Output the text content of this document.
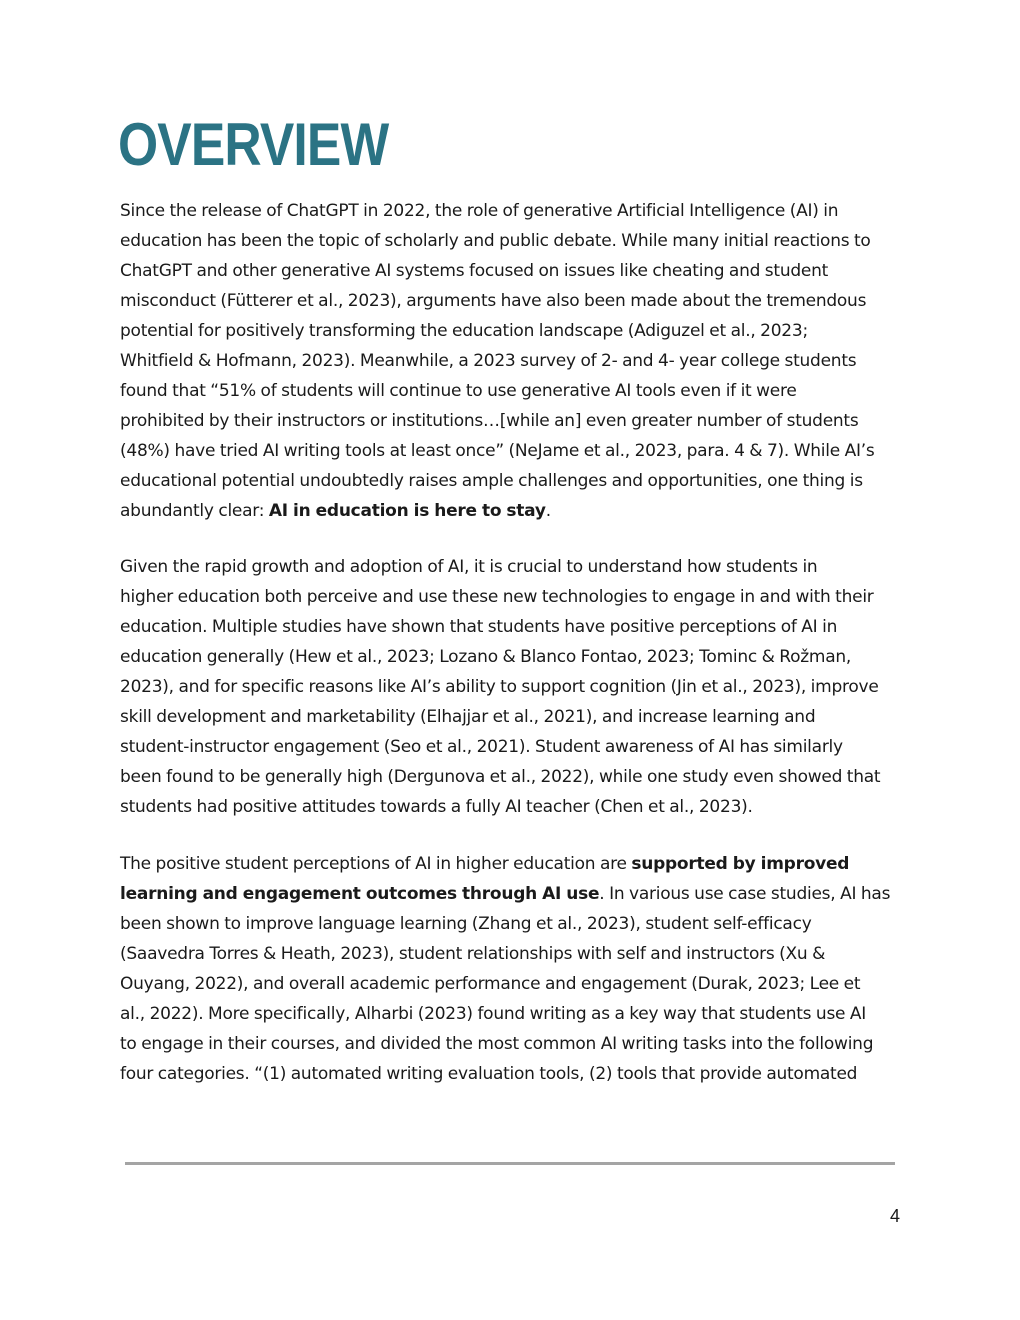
OVERVIEW

Since the release of ChatGPT in 2022, the role of generative Artificial Intelligence (AI) in
education has been the topic of scholarly and public debate. While many initial reactions to
ChatGPT and other generative AI systems focused on issues like cheating and student
misconduct (Fütterer et al., 2023), arguments have also been made about the tremendous
potential for positively transforming the education landscape (Adiguzel et al., 2023;
Whitfield & Hofmann, 2023). Meanwhile, a 2023 survey of 2- and 4- year college students
found that “51% of students will continue to use generative AI tools even if it were
prohibited by their instructors or institutions…[while an] even greater number of students
(48%) have tried AI writing tools at least once” (NeJame et al., 2023, para. 4 & 7). While AI’s
educational potential undoubtedly raises ample challenges and opportunities, one thing is
abundantly clear: AI in education is here to stay.

Given the rapid growth and adoption of AI, it is crucial to understand how students in
higher education both perceive and use these new technologies to engage in and with their
education. Multiple studies have shown that students have positive perceptions of AI in
education generally (Hew et al., 2023; Lozano & Blanco Fontao, 2023; Tominc & Rožman,
2023), and for specific reasons like AI’s ability to support cognition (Jin et al., 2023), improve
skill development and marketability (Elhajjar et al., 2021), and increase learning and
student-instructor engagement (Seo et al., 2021). Student awareness of AI has similarly
been found to be generally high (Dergunova et al., 2022), while one study even showed that
students had positive attitudes towards a fully AI teacher (Chen et al., 2023).

The positive student perceptions of AI in higher education are supported by improved
learning and engagement outcomes through AI use. In various use case studies, AI has
been shown to improve language learning (Zhang et al., 2023), student self-efficacy
(Saavedra Torres & Heath, 2023), student relationships with self and instructors (Xu &
Ouyang, 2022), and overall academic performance and engagement (Durak, 2023; Lee et
al., 2022). More specifically, Alharbi (2023) found writing as a key way that students use AI
to engage in their courses, and divided the most common AI writing tasks into the following
four categories. “(1) automated writing evaluation tools, (2) tools that provide automated

4
